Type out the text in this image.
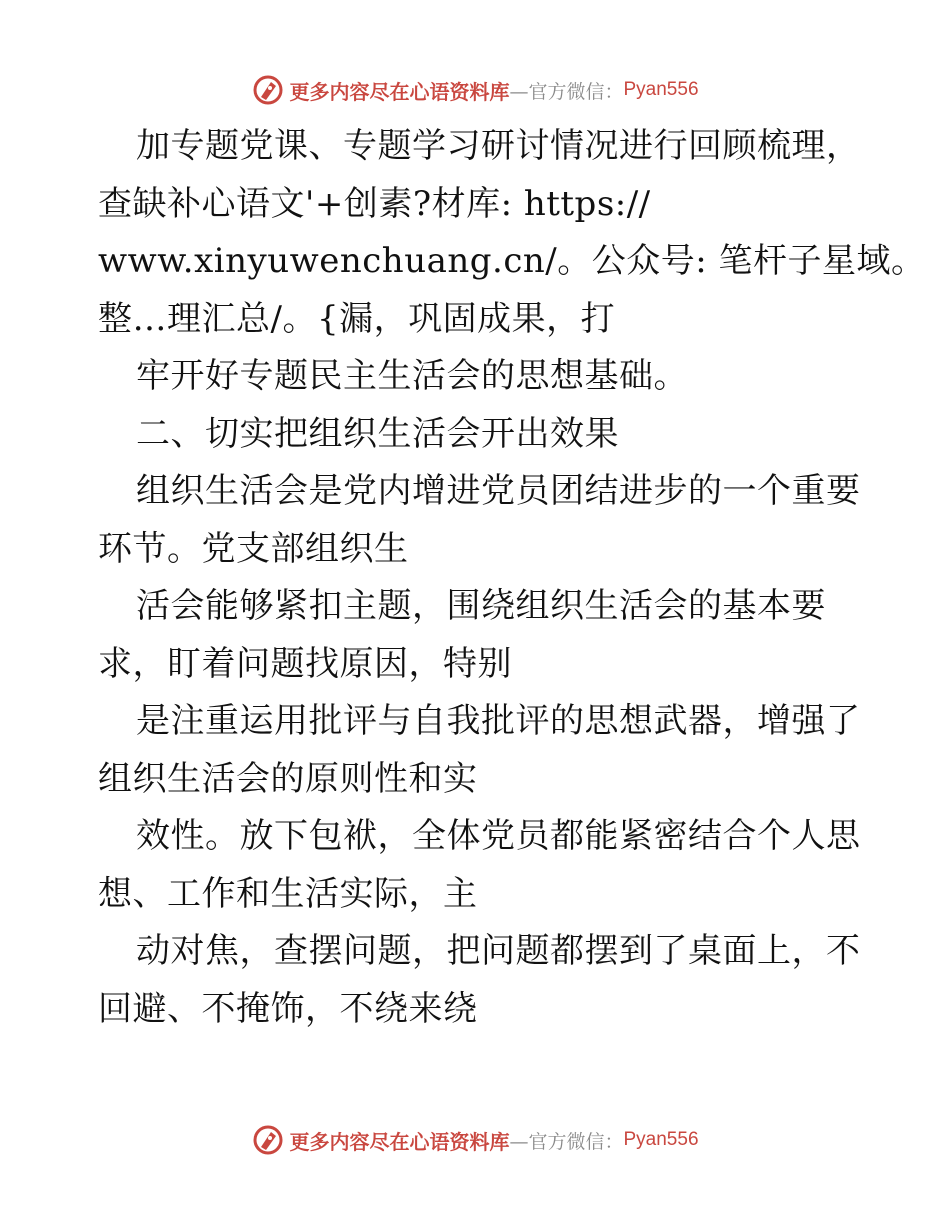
更多内容尽在心语资料库 —官方微信： Pyan556
加专题党课、专题学习研讨情况进行回顾梳理，
查缺补心语文'+创素?材库: https://
www.xinyuwenchuang.cn/。公众号: 笔杆子星域。
整…理汇总/。{漏，巩固成果，打
牢开好专题民主生活会的思想基础。
二、切实把组织生活会开出效果
组织生活会是党内增进党员团结进步的一个重要
环节。党支部组织生
活会能够紧扣主题，围绕组织生活会的基本要
求，盯着问题找原因，特别
是注重运用批评与自我批评的思想武器，增强了
组织生活会的原则性和实
效性。放下包袱，全体党员都能紧密结合个人思
想、工作和生活实际，主
动对焦，查摆问题，把问题都摆到了桌面上，不
回避、不掩饰，不绕来绕
更多内容尽在心语资料库 —官方微信： Pyan556
